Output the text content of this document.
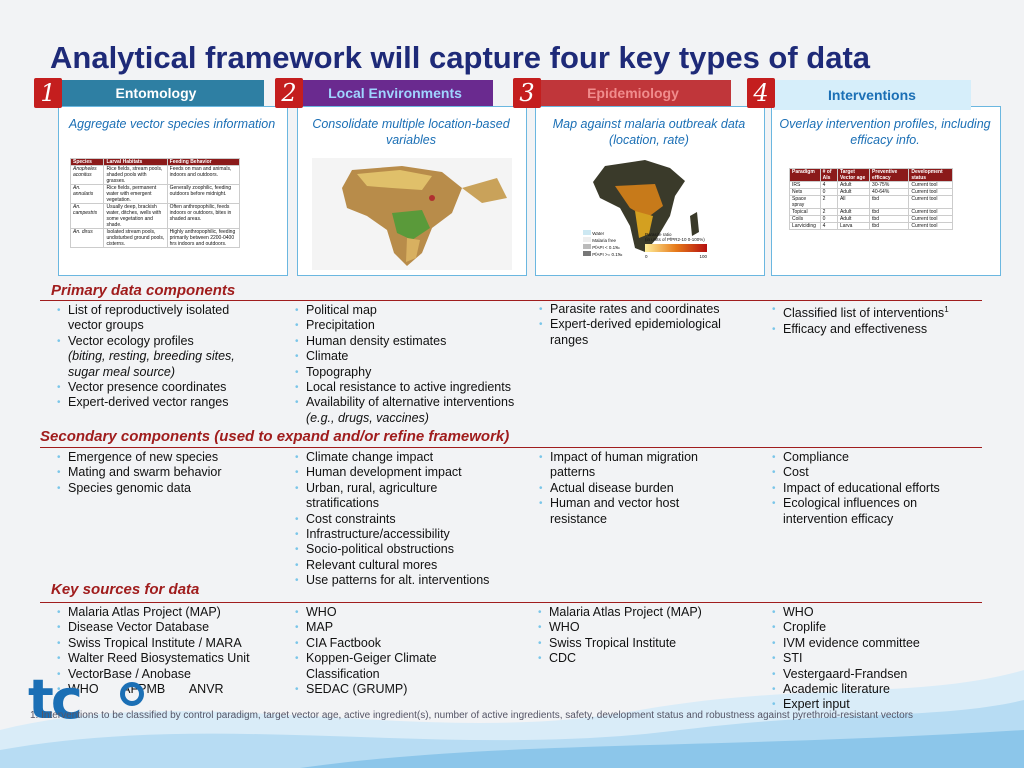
Analytical framework will capture four key types of data
Entomology
1
Aggregate vector species information
Species	Larval Habitats	Feeding Behavior
Anopheles aconitus	Rice fields, stream pools, shaded pools with grasses.	Feeds on man and animals, indoors and outdoors.
An. annularis	Rice fields, permanent water with emergent vegetation.	Generally zoophilic, feeding outdoors before midnight.
An. campestris	Usually deep, brackish water, ditches, wells with some vegetation and shade.	Often anthropophilic, feeds indoors or outdoors, bites in shaded areas.
An. dirus	Isolated stream pools, undisturbed ground pools, cisterns.	Highly anthropophilic, feeding primarily between 2200-0400 hrs indoors and outdoors.
Local Environments
2
Consolidate multiple location-based variables
Epidemiology
3
Map against malaria outbreak data (location, rate)
Water
Malaria free
PfAPI < 0.1‰
PfAPI >= 0.1‰
Parasite ratio
(in units of PfPR2-10 0-100%)
0	100
Interventions
4
Overlay intervention profiles, including efficacy info.
Paradigm	# of AIs	Target Vector age	Preventive efficacy	Development status
IRS	4	Adult	30-75%	Current tool
Nets	0	Adult	40-64%	Current tool
Space spray	2	All	tbd	Current tool
Topical	2	Adult	tbd	Current tool
Coils	0	Adult	tbd	Current tool
Larviciding	4	Larva	tbd	Current tool
Primary data components
Secondary components (used to expand and/or refine framework)
Key sources for data
• List of reproductively isolated
vector groups
• Vector ecology profiles
(biting, resting, breeding sites,
sugar meal source)
• Vector presence coordinates
• Expert-derived vector ranges
• Political map
• Precipitation
• Human density estimates
• Climate
• Topography
• Local resistance to active ingredients
• Availability of alternative interventions
(e.g., drugs, vaccines)
• Parasite rates and coordinates
• Expert-derived epidemiological
ranges
• Classified list of interventions$^1$
• Efficacy and effectiveness
• Emergence of new species
• Mating and swarm behavior
• Species genomic data
• Climate change impact
• Human development impact
• Urban, rural, agriculture
stratifications
• Cost constraints
• Infrastructure/accessibility
• Socio-political obstructions
• Relevant cultural mores
• Use patterns for alt. interventions
• Impact of human migration
patterns
• Actual disease burden
• Human and vector host
resistance
• Compliance
• Cost
• Impact of educational efforts
• Ecological influences on
intervention efficacy
• Malaria Atlas Project (MAP)
• Disease Vector Database
• Swiss Tropical Institute / MARA
• Walter Reed Biosystematics Unit
• VectorBase / Anobase
• WHO       AFPMB       ANVR
• WHO
• MAP
• CIA Factbook
• Koppen-Geiger Climate
Classification
• SEDAC (GRUMP)
• Malaria Atlas Project (MAP)
• WHO
• Swiss Tropical Institute
• CDC
• WHO
• Croplife
• IVM evidence committee
• STI
• Vestergaard-Frandsen
• Academic literature
• Expert input
tc
1. Interventions to be classified by control paradigm, target vector age, active ingredient(s), number of active ingredients, safety, development status and robustness against pyrethroid-resistant vectors
